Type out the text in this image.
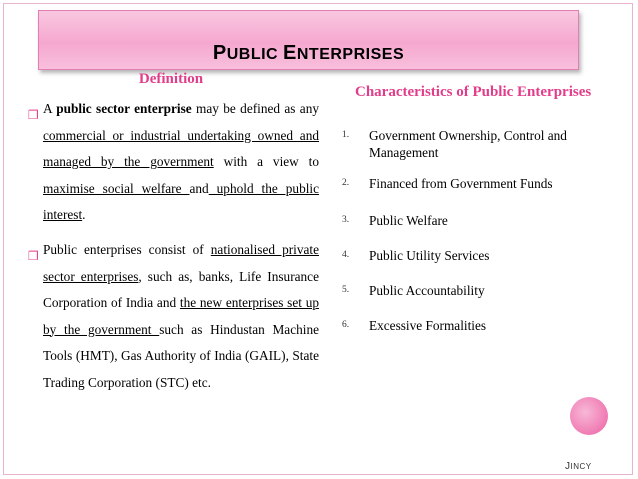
PUBLIC ENTERPRISES
Definition
Characteristics of Public Enterprises
❒ A public sector enterprise may be defined as any commercial or industrial undertaking owned and managed by the government with a view to maximise social welfare and uphold the public interest.
❒ Public enterprises consist of nationalised private sector enterprises, such as, banks, Life Insurance Corporation of India and the new enterprises set up by the government such as Hindustan Machine Tools (HMT), Gas Authority of India (GAIL), State Trading Corporation (STC) etc.
1. Government Ownership, Control and Management
2. Financed from Government Funds
3. Public Welfare
4. Public Utility Services
5. Public Accountability
6. Excessive Formalities
JINCY
